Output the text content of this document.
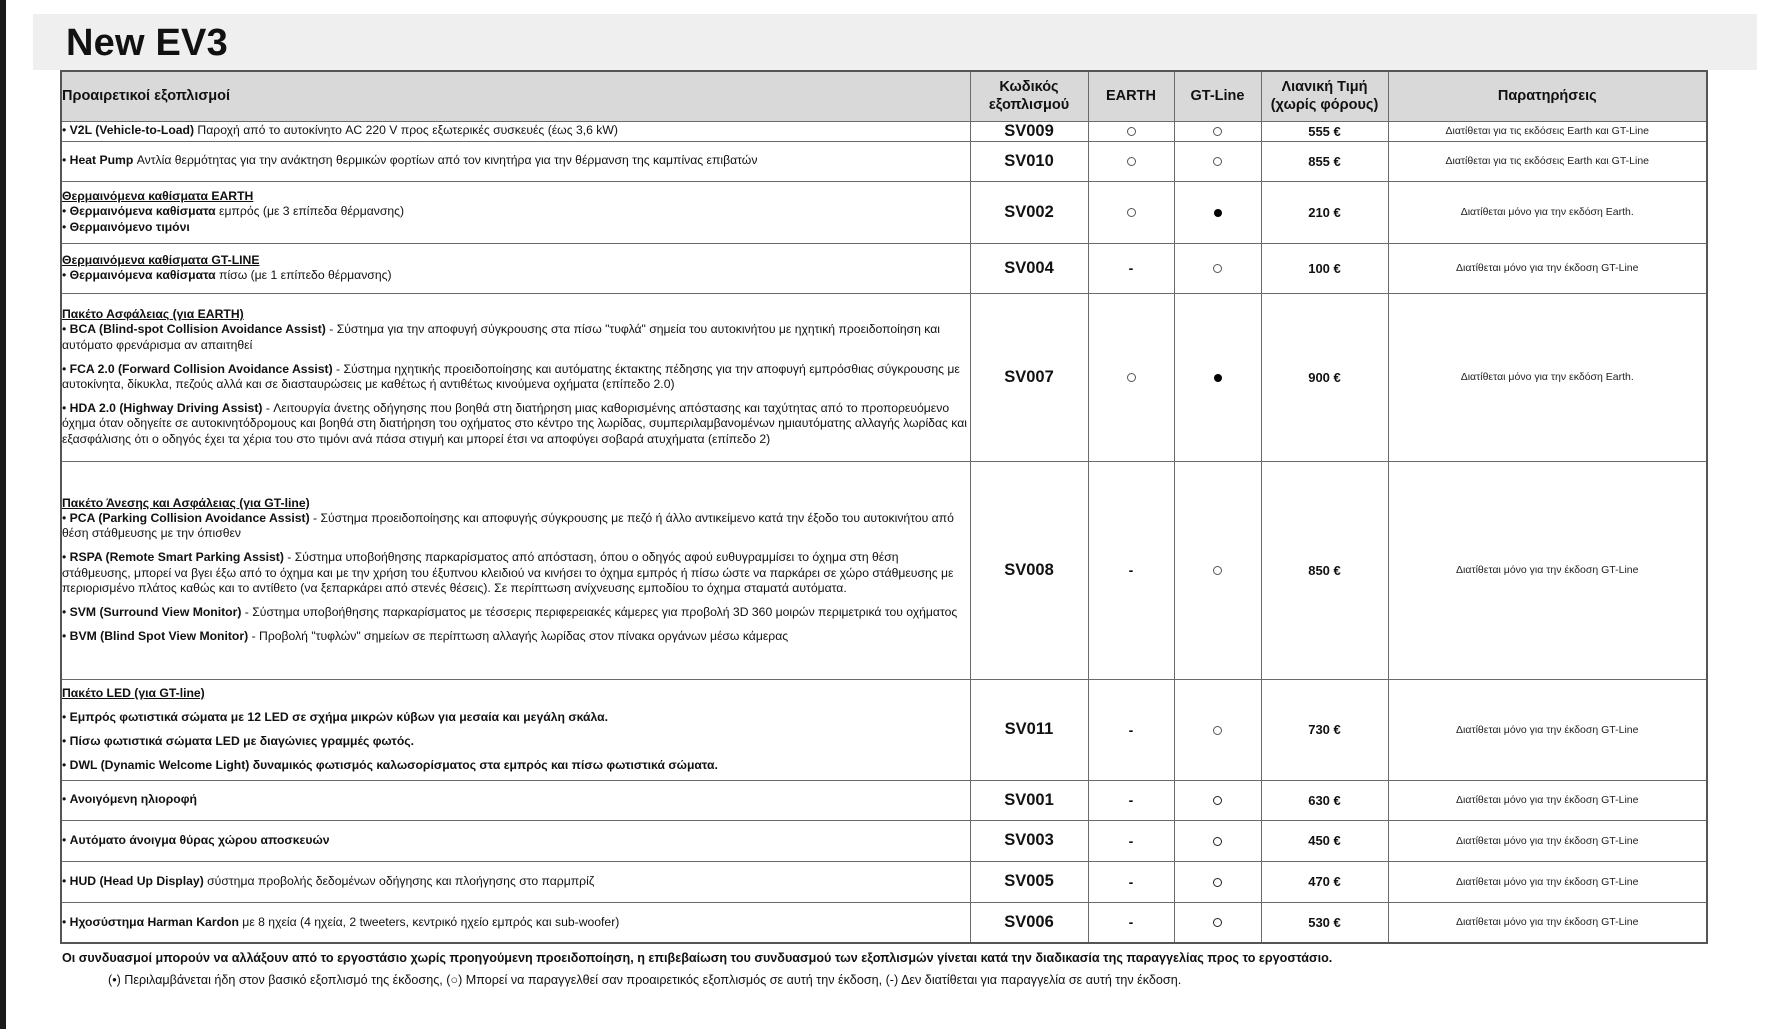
New EV3
Προαιρετικοί εξοπλισμοί	Κωδικός εξοπλισμού	EARTH	GT-Line	Λιανική Τιμή (χωρίς φόρους)	Παρατηρήσεις

• V2L (Vehicle-to-Load) Παροχή από το αυτοκίνητο AC 220 V προς εξωτερικές συσκευές (έως 3,6 kW)	SV009			555 €	Διατίθεται για τις εκδόσεις Earth και GT-Line

• Heat Pump Αντλία θερμότητας για την ανάκτηση θερμικών φορτίων από τον κινητήρα για την θέρμανση της καμπίνας επιβατών	SV010			855 €	Διατίθεται για τις εκδόσεις Earth και GT-Line

Θερμαινόμενα καθίσματα EARTH
• Θερμαινόμενα καθίσματα εμπρός (με 3 επίπεδα θέρμανσης)
• Θερμαινόμενο τιμόνι	SV002			210 €	Διατίθεται μόνο για την εκδόση Earth.

Θερμαινόμενα καθίσματα GT-LINE
• Θερμαινόμενα καθίσματα πίσω (με 1 επίπεδο θέρμανσης)	SV004	-		100 €	Διατίθεται μόνο για την έκδοση GT-Line

Πακέτο Ασφάλειας (για EARTH)
• BCA (Blind-spot Collision Avoidance Assist) - Σύστημα για την αποφυγή σύγκρουσης στα πίσω "τυφλά" σημεία του αυτοκινήτου με ηχητική προειδοποίηση και αυτόματο φρενάρισμα αν απαιτηθεί
• FCA 2.0 (Forward Collision Avoidance Assist) - Σύστημα ηχητικής προειδοποίησης και αυτόματης έκτακτης πέδησης για την αποφυγή εμπρόσθιας σύγκρουσης με αυτοκίνητα, δίκυκλα, πεζούς αλλά και σε διασταυρώσεις με καθέτως ή αντιθέτως κινούμενα οχήματα (επίπεδο 2.0)
• HDA 2.0 (Highway Driving Assist) - Λειτουργία άνετης οδήγησης που βοηθά στη διατήρηση μιας καθορισμένης απόστασης και ταχύτητας από το προπορευόμενο όχημα όταν οδηγείτε σε αυτοκινητόδρομους και βοηθά στη διατήρηση του οχήματος στο κέντρο της λωρίδας, συμπεριλαμβανομένων ημιαυτόματης αλλαγής λωρίδας και εξασφάλισης ότι ο οδηγός έχει τα χέρια του στο τιμόνι ανά πάσα στιγμή και μπορεί έτσι να αποφύγει σοβαρά ατυχήματα (επίπεδο 2)	SV007			900 €	Διατίθεται μόνο για την εκδόση Earth.

Πακέτο Άνεσης και Ασφάλειας (για GT-line)
• PCA (Parking Collision Avoidance Assist) - Σύστημα προειδοποίησης και αποφυγής σύγκρουσης με πεζό ή άλλο αντικείμενο κατά την έξοδο του αυτοκινήτου από θέση στάθμευσης με την όπισθεν
• RSPA (Remote Smart Parking Assist) - Σύστημα υποβοήθησης παρκαρίσματος από απόσταση, όπου ο οδηγός αφού ευθυγραμμίσει το όχημα στη θέση στάθμευσης, μπορεί να βγει έξω από το όχημα και με την χρήση του έξυπνου κλειδιού να κινήσει το όχημα εμπρός ή πίσω ώστε να παρκάρει σε χώρο στάθμευσης με περιορισμένο πλάτος καθώς και το αντίθετο (να ξεπαρκάρει από στενές θέσεις). Σε περίπτωση ανίχνευσης εμποδίου το όχημα σταματά αυτόματα.
• SVM (Surround View Monitor) - Σύστημα υποβοήθησης παρκαρίσματος με τέσσερις περιφερειακές κάμερες για προβολή 3D 360 μοιρών περιμετρικά του οχήματος
• BVM (Blind Spot View Monitor) - Προβολή "τυφλών" σημείων σε περίπτωση αλλαγής λωρίδας στον πίνακα οργάνων μέσω κάμερας	SV008	-		850 €	Διατίθεται μόνο για την έκδοση GT-Line

Πακέτο LED (για GT-line)
• Εμπρός φωτιστικά σώματα με 12 LED σε σχήμα μικρών κύβων για μεσαία και μεγάλη σκάλα.
• Πίσω φωτιστικά σώματα LED με διαγώνιες γραμμές φωτός.
• DWL (Dynamic Welcome Light) δυναμικός φωτισμός καλωσορίσματος στα εμπρός και πίσω φωτιστικά σώματα.	SV011	-		730 €	Διατίθεται μόνο για την έκδοση GT-Line

• Ανοιγόμενη ηλιοροφή	SV001	-		630 €	Διατίθεται μόνο για την έκδοση GT-Line

• Αυτόματο άνοιγμα θύρας χώρου αποσκευών	SV003	-		450 €	Διατίθεται μόνο για την έκδοση GT-Line

• HUD (Head Up Display) σύστημα προβολής δεδομένων οδήγησης και πλοήγησης στο παρμπρίζ	SV005	-		470 €	Διατίθεται μόνο για την έκδοση GT-Line

• Ηχοσύστημα Harman Kardon με 8 ηχεία (4 ηχεία, 2 tweeters, κεντρικό ηχείο εμπρός και sub-woofer)	SV006	-		530 €	Διατίθεται μόνο για την έκδοση GT-Line
Οι συνδυασμοί μπορούν να αλλάξουν από το εργοστάσιο χωρίς προηγούμενη προειδοποίηση, η επιβεβαίωση του συνδυασμού των εξοπλισμών γίνεται κατά την διαδικασία της παραγγελίας προς το εργοστάσιο.
(•) Περιλαμβάνεται ήδη στον βασικό εξοπλισμό της έκδοσης, (○) Μπορεί να παραγγελθεί σαν προαιρετικός εξοπλισμός σε αυτή την έκδοση, (-) Δεν διατίθεται για παραγγελία σε αυτή την έκδοση.
